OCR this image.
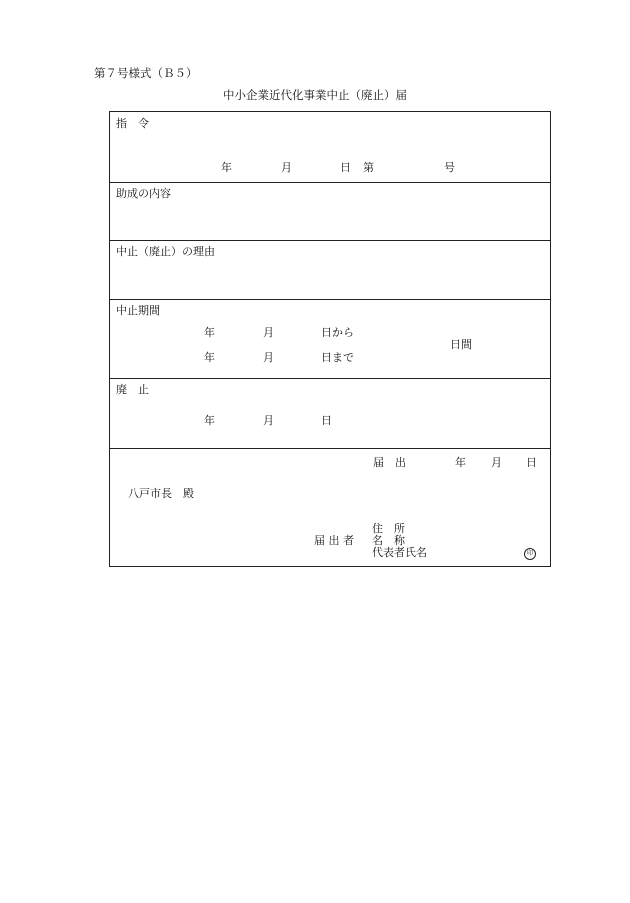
第７号様式（Ｂ５）
中小企業近代化事業中止（廃止）届
指　令
年	月	日 第	号
助成の内容
中止（廃止）の理由
中止期間
年	月	日から
年	月	日まで
日間
廃　止
年	月	日
届　出	年 月 日
八戸市長　殿
届 出 者
住　所
名　称
代表者氏名	印
